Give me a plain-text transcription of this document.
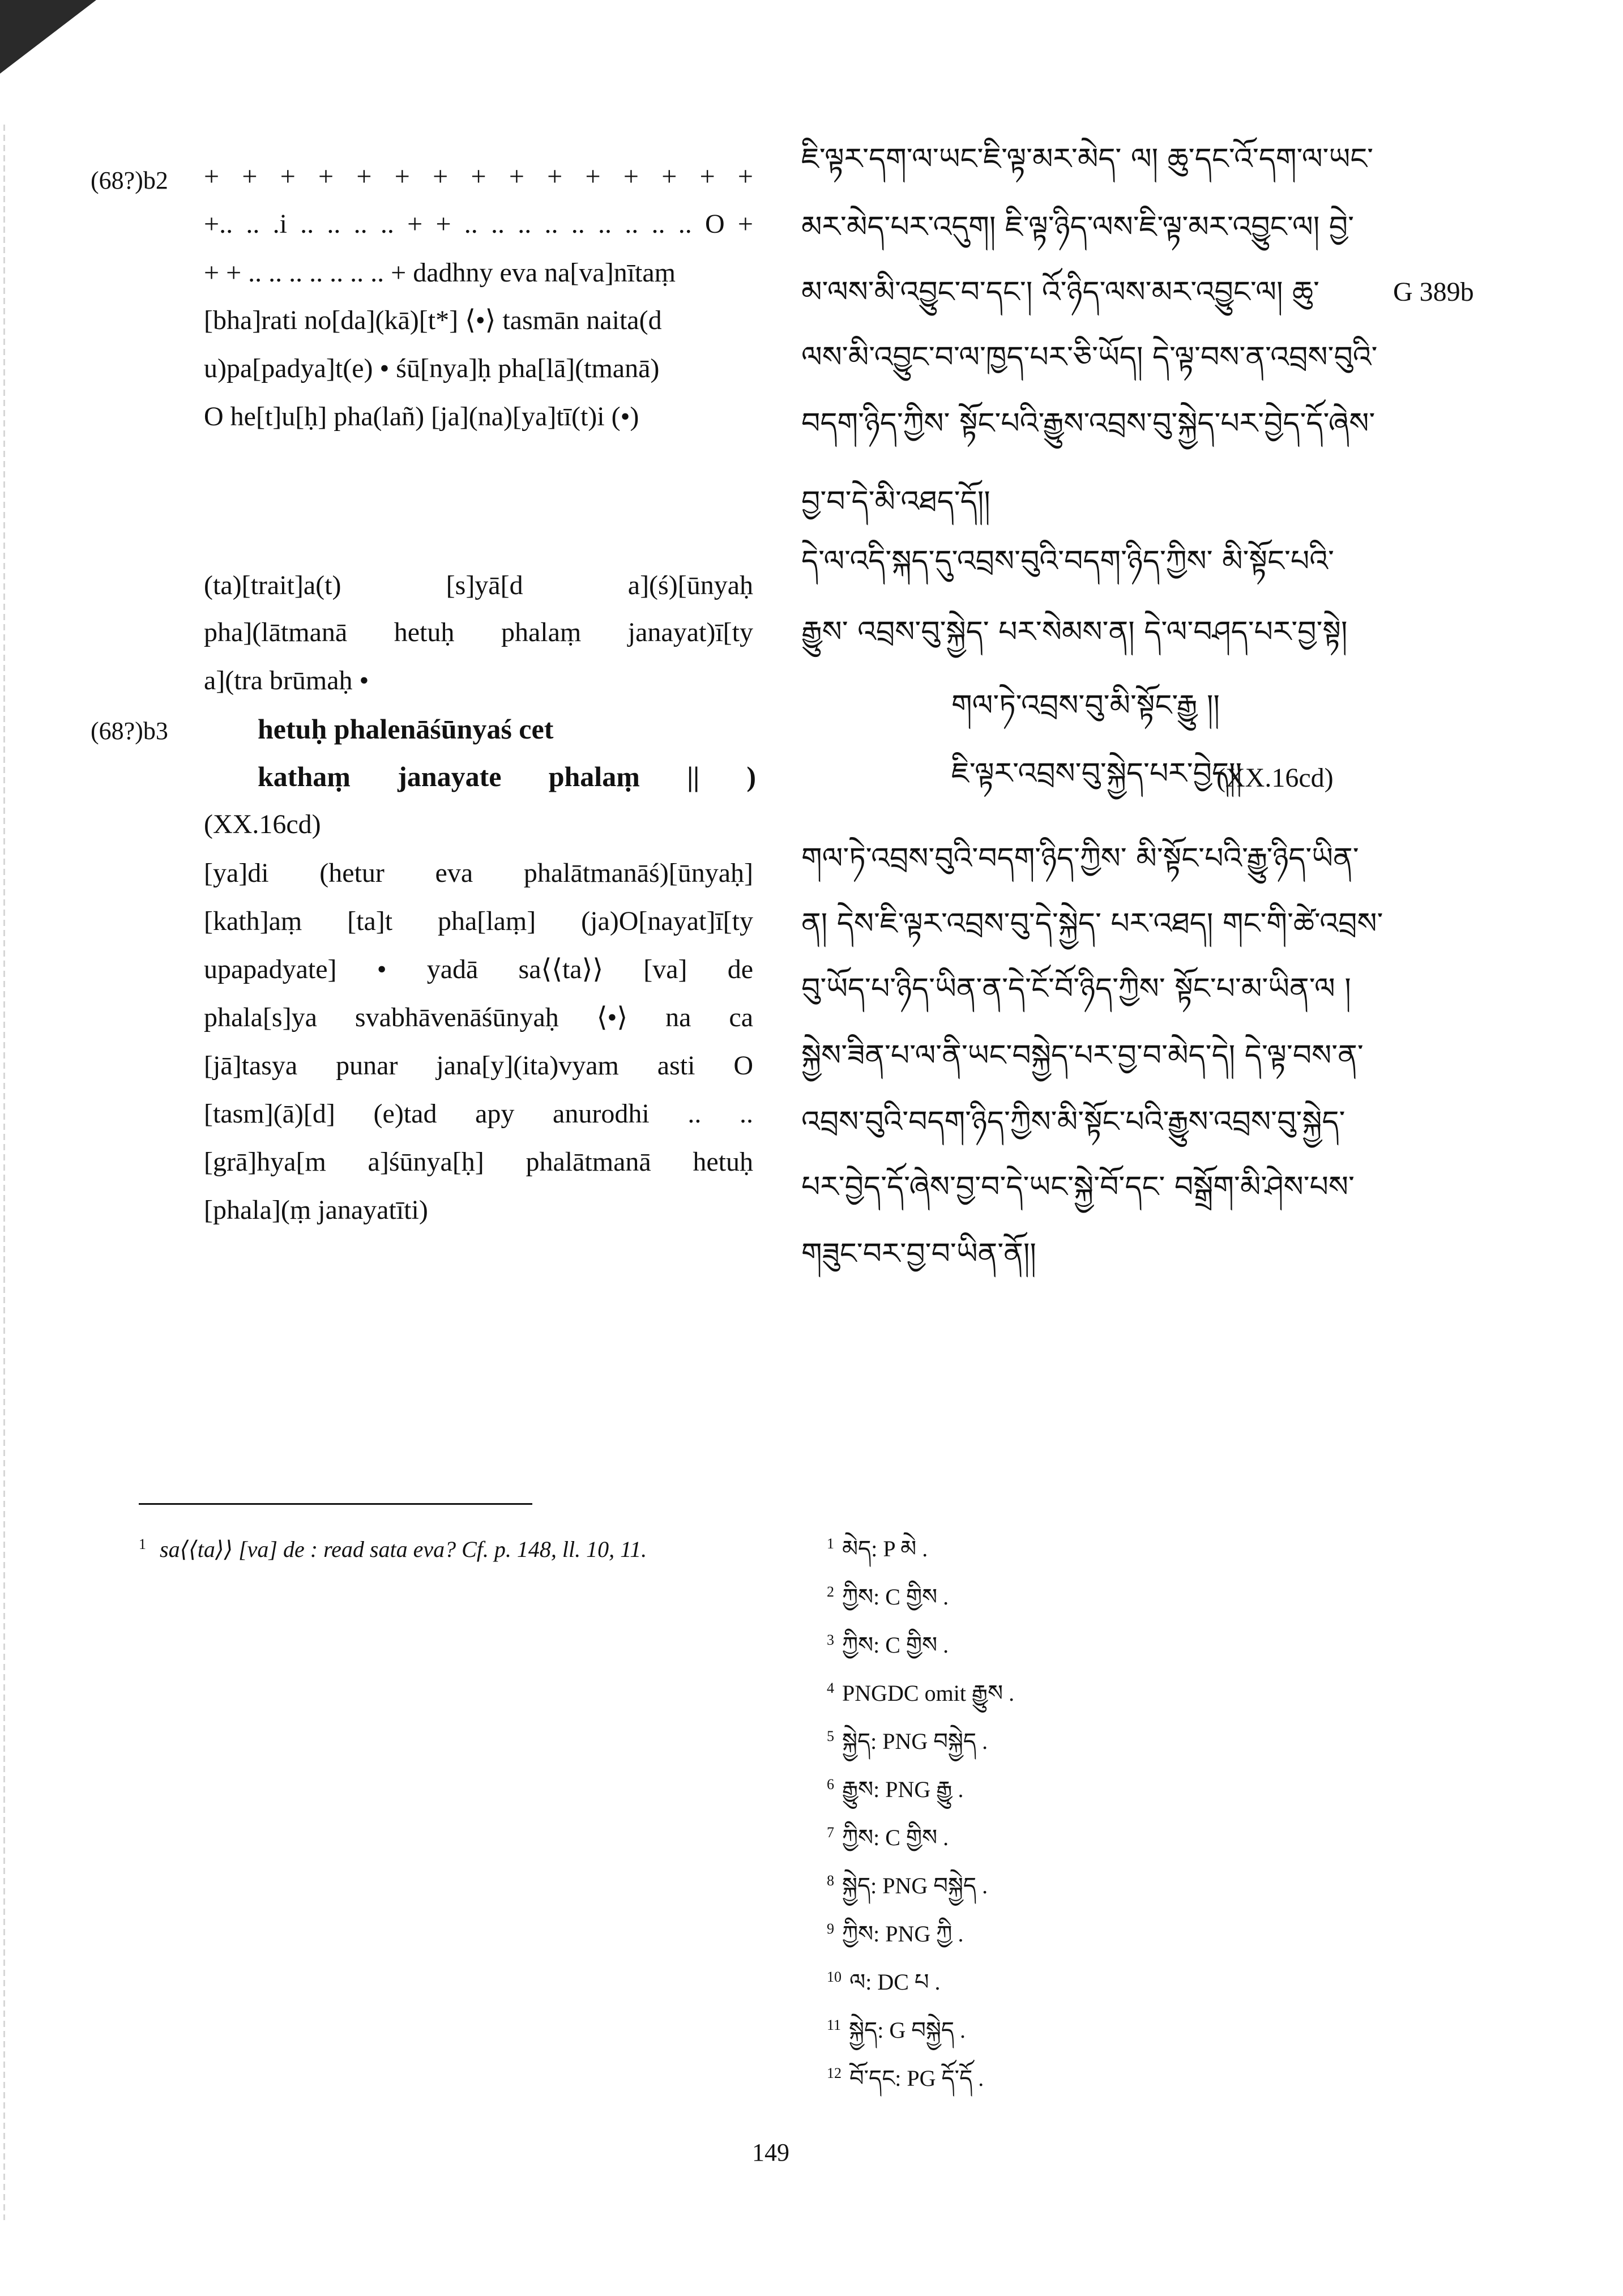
(68?)b2
(68?)b3
G 389b
+ + + + + + + + + + + + + + +
+.. .. .i .. .. .. .. + + .. .. .. .. .. .. .. .. .. O +
+ + .. .. .. .. .. .. .. + dadhny eva na[va]nītaṃ
[bha]rati no[da](kā)[t*] ⟨•⟩ tasmān naita(d
u)pa[padya]t(e) • śū[nya]ḥ pha[lā](tmanā)
O he[t]u[ḥ] pha(lañ) [ja](na)[ya]tī(t)i (•)
(ta)[trait]a(t) [s]yā[d a](ś)[ūnyaḥ
pha](lātmanā hetuḥ phalaṃ janayat)ī[ty
a](tra brūmaḥ •
hetuḥ phalenāśūnyaś cet
kathaṃ janayate phalaṃ || )
(XX.16cd)
[ya]di (hetur eva phalātmanāś)[ūnyaḥ]
[kath]aṃ [ta]t pha[laṃ] (ja)O[nayat]ī[ty
upapadyate] • yadā sa⟨⟨ta⟩⟩ [va] de
phala[s]ya svabhāvenāśūnyaḥ ⟨•⟩ na ca
[jā]tasya punar jana[y](ita)vyam asti O
[tasm](ā)[d] (e)tad apy anurodhi .. ..
[grā]hya[m a]śūnya[ḥ] phalātmanā hetuḥ
[phala](ṃ janayatīti)
ཇི་ལྟར་དག་ལ་ཡང་ཇི་ལྟ་མར་མེད་ ལ། ཆུ་དང་འོ་དག་ལ་ཡང་
མར་མེད་པར་འདུག། ཇི་ལྟ་ཉིད་ལས་ཇི་ལྟ་མར་འབྱུང་ལ། བྱེ་
མ་ལས་མི་འབྱུང་བ་དང་། འོ་ཉིད་ལས་མར་འབྱུང་ལ། ཆུ་
ལས་མི་འབྱུང་བ་ལ་ཁྱད་པར་ཅི་ཡོད། དེ་ལྟ་བས་ན་འབྲས་བུའི་
བདག་ཉིད་ཀྱིས་ སྟོང་པའི་རྒྱུས་འབྲས་བུ་སྐྱེད་པར་བྱེད་དོ་ཞེས་
བྱ་བ་དེ་མི་འཐད་དོ།།
དེ་ལ་འདི་སྐད་དུ་འབྲས་བུའི་བདག་ཉིད་ཀྱིས་ མི་སྟོང་པའི་
རྒྱུས་ འབྲས་བུ་སྐྱེད་ པར་སེམས་ན། དེ་ལ་བཤད་པར་བྱ་སྟེ།
གལ་ཏེ་འབྲས་བུ་མི་སྟོང་རྒྱུ །།
ཇི་ལྟར་འབྲས་བུ་སྐྱེད་པར་བྱེད།།
(XX.16cd)
གལ་ཏེ་འབྲས་བུའི་བདག་ཉིད་ཀྱིས་ མི་སྟོང་པའི་རྒྱུ་ཉིད་ཡིན་
ན། དེས་ཇི་ལྟར་འབྲས་བུ་དེ་སྐྱེད་ པར་འཐད། གང་གི་ཚེ་འབྲས་
བུ་ཡོད་པ་ཉིད་ཡིན་ན་དེ་ངོ་བོ་ཉིད་ཀྱིས་ སྟོང་པ་མ་ཡིན་ལ །
སྐྱེས་ཟིན་པ་ལ་ནི་ཡང་བསྐྱེད་པར་བྱ་བ་མེད་དེ། དེ་ལྟ་བས་ན་
འབྲས་བུའི་བདག་ཉིད་ཀྱིས་མི་སྟོང་པའི་རྒྱུས་འབྲས་བུ་སྐྱེད་
པར་བྱེད་དོ་ཞེས་བྱ་བ་དེ་ཡང་སྐྱེ་བོ་དང་ བསྒྲོག་མི་ཤེས་པས་
གཟུང་བར་བྱ་བ་ཡིན་ནོ།།
$^1$ sa⟨⟨ta⟩⟩ [va] de : read sata eva? Cf. p. 148, ll. 10, 11.	$^1$ མེད: P མེ .
$^2$ ཀྱིས: C གྱིས .
$^3$ ཀྱིས: C གྱིས .
$^4$ PNGDC omit རྒྱུས .
$^5$ སྐྱེད: PNG བསྐྱེད .
$^6$ རྒྱུས: PNG རྒྱུ .
$^7$ ཀྱིས: C གྱིས .
$^8$ སྐྱེད: PNG བསྐྱེད .
$^9$ ཀྱིས: PNG ཀྱི .
$^{10}$ ལ: DC པ .
$^{11}$ སྐྱེད: G བསྐྱེད .
$^{12}$ བོ་དང: PG དོ་དོ .
149
